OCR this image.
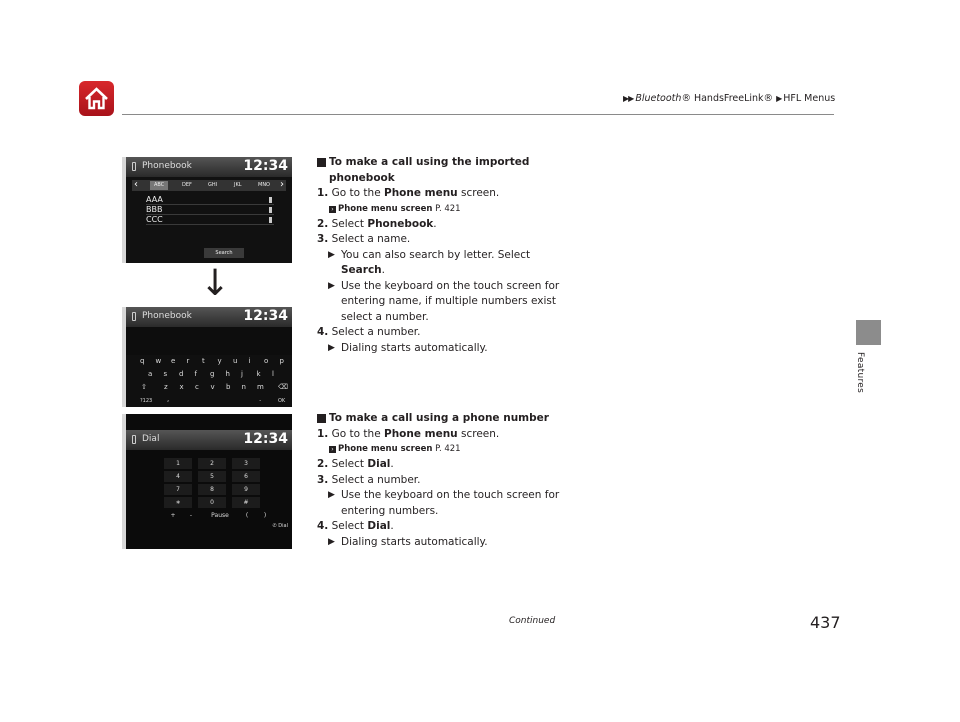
▶▶ Bluetooth® HandsFreeLink® ▶ HFL Menus
Features
Phonebook	12:34
‹	ABC	DEF	GHI	JKL	MNO ›
AAA
BBB
CCC
Search
↓
Phonebook	12:34
q w e r t y u i o p
a s d f g h j k l
z x c v b n m
⇧	⌫
?123 ,	.	OK
Dial	12:34
1	2	3
4	5	6
7	8	9
∗	0	#
+	-	Pause	(	)
✆ Dial
To make a call using the imported
phonebook
1. Go to the Phone menu screen.
› Phone menu screen P. 421
2. Select Phonebook.
3. Select a name.
▶ You can also search by letter. Select
Search.
▶ Use the keyboard on the touch screen for
entering name, if multiple numbers exist
select a number.
4. Select a number.
▶ Dialing starts automatically.
To make a call using a phone number
1. Go to the Phone menu screen.
› Phone menu screen P. 421
2. Select Dial.
3. Select a number.
▶ Use the keyboard on the touch screen for
entering numbers.
4. Select Dial.
▶ Dialing starts automatically.
Continued	437
